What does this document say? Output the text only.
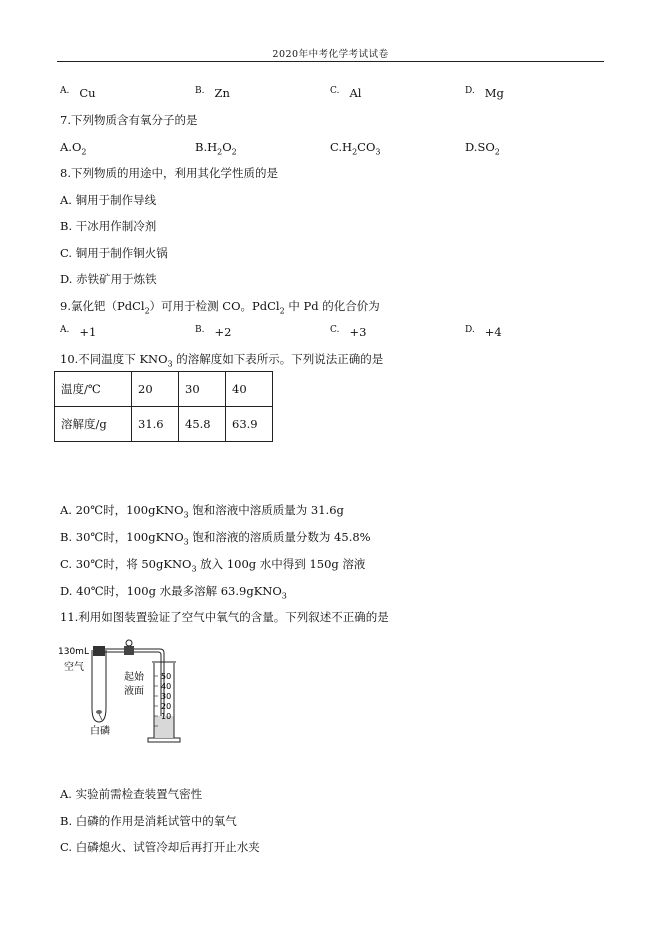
2020年中考化学考试试卷
$^{A.}$ Cu	$^{B.}$ Zn	$^{C.}$ Al	$^{D.}$ Mg
7.下列物质含有氧分子的是
$A.O_2$	$B.H_2O_2$	$C.H_2CO_3$	$D.SO_2$
8.下列物质的用途中，利用其化学性质的是
A. 铜用于制作导线
B. 干冰用作制冷剂
C. 铜用于制作铜火锅
D. 赤铁矿用于炼铁
9.氯化钯（PdCl$_2$）可用于检测 CO。PdCl$_2$ 中 Pd 的化合价为
$^{A.}$ +1	$^{B.}$ +2	$^{C.}$ +3	$^{D.}$ +4
10.不同温度下 $KNO_3$ 的溶解度如下表所示。下列说法正确的是
温度/℃	20	30	40
溶解度/g	31.6	45.8	63.9
A. 20℃时，100gKNO$_3$ 饱和溶液中溶质质量为 31.6g
B. 30℃时，100gKNO$_3$ 饱和溶液的溶质质量分数为 45.8%
C. 30℃时，将 50gKNO$_3$ 放入 100g 水中得到 150g 溶液
D. 40℃时，100g 水最多溶解 63.9gKNO$_3$
11.利用如图装置验证了空气中氧气的含量。下列叙述不正确的是
50
40
30
20
10
130mL
空气
白磷
起始
液面
A. 实验前需检查装置气密性
B. 白磷的作用是消耗试管中的氧气
C. 白磷熄火、试管冷却后再打开止水夹
